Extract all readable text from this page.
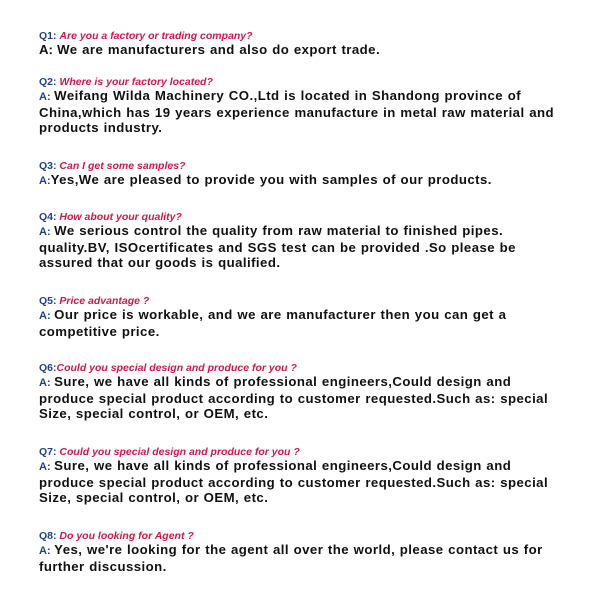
Q1: Are you a factory or trading company?
A: We are manufacturers and also do export trade.
Q2: Where is your factory located?
A: Weifang Wilda Machinery CO.,Ltd is located in Shandong province of China,which has 19 years experience manufacture in metal raw material and products industry.
Q3: Can I get some samples?
A:Yes,We are pleased to provide you with samples of our products.
Q4: How about your quality?
A: We serious control the quality from raw material to finished pipes. quality.BV, ISOcertificates and SGS test can be provided .So please be assured that our goods is qualified.
Q5: Price advantage ?
A: Our price is workable, and we are manufacturer then you can get a competitive price.
Q6:Could you special design and produce for you ?
A: Sure, we have all kinds of professional engineers,Could design and produce special product according to customer requested.Such as: special Size, special control, or OEM, etc.
Q7: Could you special design and produce for you ?
A: Sure, we have all kinds of professional engineers,Could design and produce special product according to customer requested.Such as: special Size, special control, or OEM, etc.
Q8: Do you looking for Agent ?
A: Yes, we're looking for the agent all over the world, please contact us for further discussion.
